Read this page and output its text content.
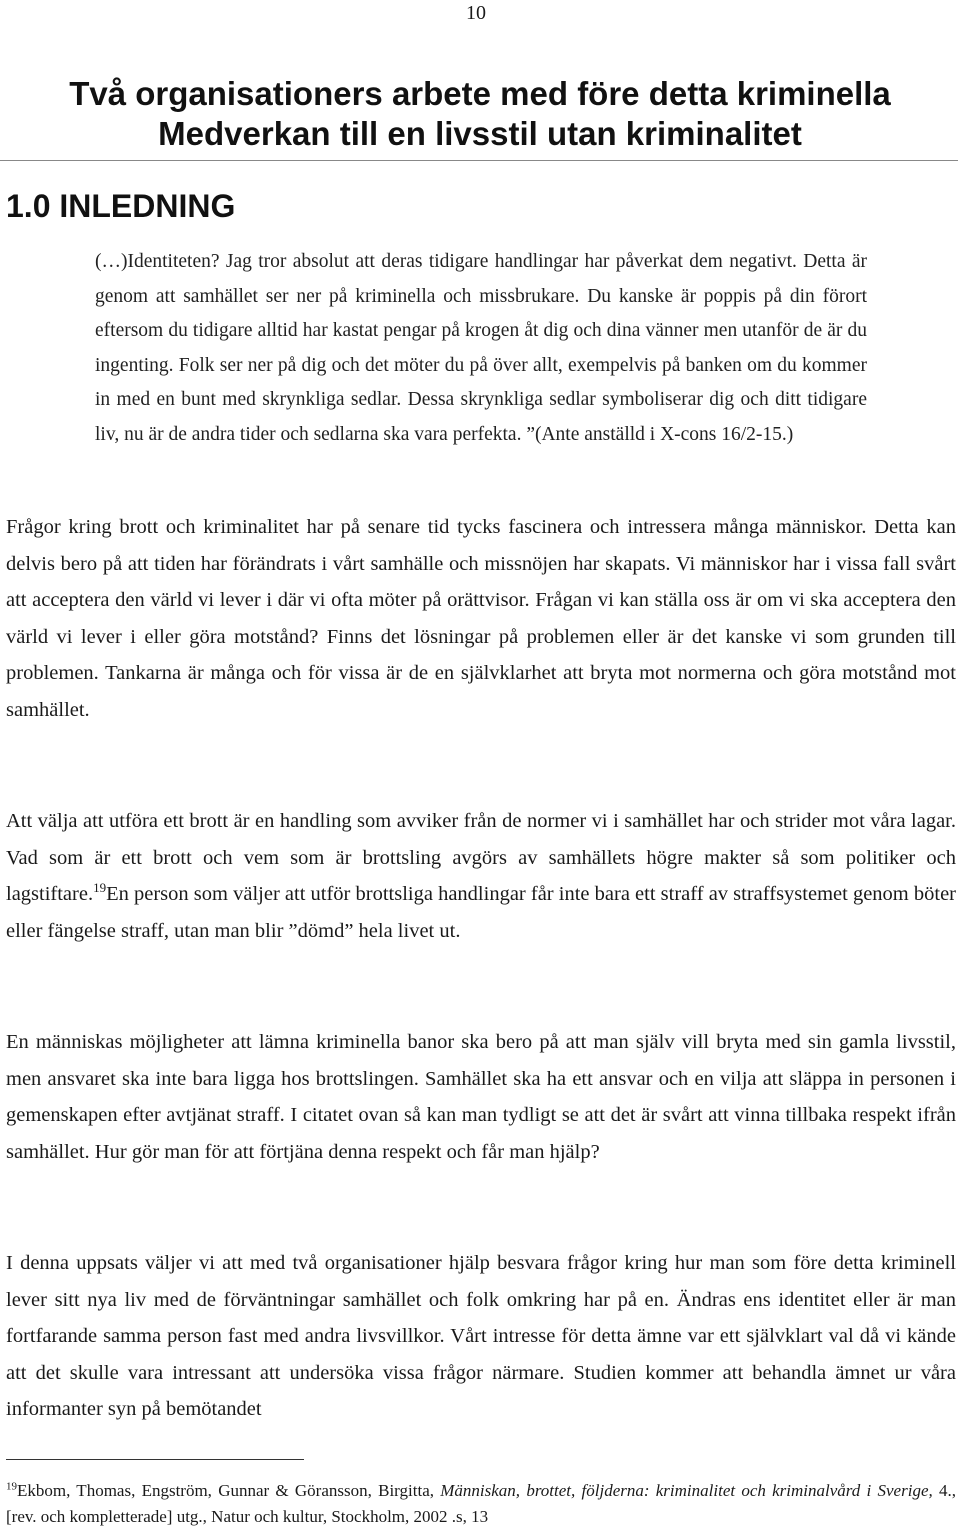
10
Två organisationers arbete med före detta kriminella
Medverkan till en livsstil utan kriminalitet
1.0 INLEDNING
(…)Identiteten? Jag tror absolut att deras tidigare handlingar har påverkat dem negativt. Detta är genom att samhället ser ner på kriminella och missbrukare. Du kanske är poppis på din förort eftersom du tidigare alltid har kastat pengar på krogen åt dig och dina vänner men utanför de är du ingenting. Folk ser ner på dig och det möter du på över allt, exempelvis på banken om du kommer in med en bunt med skrynkliga sedlar. Dessa skrynkliga sedlar symboliserar dig och ditt tidigare liv, nu är de andra tider och sedlarna ska vara perfekta. ”(Ante anställd i X-cons 16/2-15.)

Frågor kring brott och kriminalitet har på senare tid tycks fascinera och intressera många människor. Detta kan delvis bero på att tiden har förändrats i vårt samhälle och missnöjen har skapats. Vi människor har i vissa fall svårt att acceptera den värld vi lever i där vi ofta möter på orättvisor. Frågan vi kan ställa oss är om vi ska acceptera den värld vi lever i eller göra motstånd? Finns det lösningar på problemen eller är det kanske vi som grunden till problemen. Tankarna är många och för vissa är de en självklarhet att bryta mot normerna och göra motstånd mot samhället.

Att välja att utföra ett brott är en handling som avviker från de normer vi i samhället har och strider mot våra lagar. Vad som är ett brott och vem som är brottsling avgörs av samhällets högre makter så som politiker och lagstiftare.$^{19}$En person som väljer att utför brottsliga handlingar får inte bara ett straff av straffsystemet genom böter eller fängelse straff, utan man blir ”dömd” hela livet ut.

En människas möjligheter att lämna kriminella banor ska bero på att man själv vill bryta med sin gamla livsstil, men ansvaret ska inte bara ligga hos brottslingen. Samhället ska ha ett ansvar och en vilja att släppa in personen i gemenskapen efter avtjänat straff. I citatet ovan så kan man tydligt se att det är svårt att vinna tillbaka respekt ifrån samhället. Hur gör man för att förtjäna denna respekt och får man hjälp?

I denna uppsats väljer vi att med två organisationer hjälp besvara frågor kring hur man som före detta kriminell lever sitt nya liv med de förväntningar samhället och folk omkring har på en. Ändras ens identitet eller är man fortfarande samma person fast med andra livsvillkor. Vårt intresse för detta ämne var ett självklart val då vi kände att det skulle vara intressant att undersöka vissa frågor närmare. Studien kommer att behandla ämnet ur våra informanter syn på bemötandet

$^{19}$Ekbom, Thomas, Engström, Gunnar & Göransson, Birgitta, Människan, brottet, följderna: kriminalitet och kriminalvård i Sverige, 4., [rev. och kompletterade] utg., Natur och kultur, Stockholm, 2002 .s, 13
